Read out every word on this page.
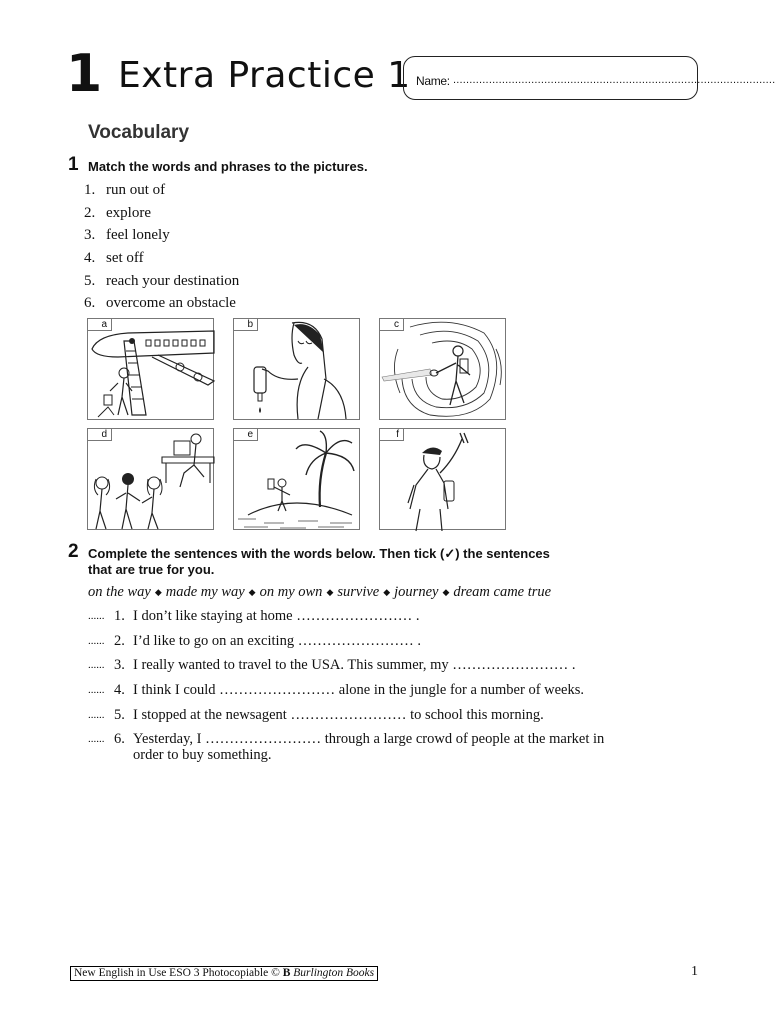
1 Extra Practice 1 Name: ...................................................................................................
Vocabulary
1 Match the words and phrases to the pictures.
1. run out of
2. explore
3. feel lonely
4. set off
5. reach your destination
6. overcome an obstacle
a	b	c
d	e	f
2 Complete the sentences with the words below. Then tick (✓) the sentences
that are true for you.
on the way ◆ made my way ◆ on my own ◆ survive ◆ journey ◆ dream came true
...... 1. I don’t like staying at home …………………… .
...... 2. I’d like to go on an exciting …………………… .
...... 3. I really wanted to travel to the USA. This summer, my …………………… .
...... 4. I think I could …………………… alone in the jungle for a number of weeks.
...... 5. I stopped at the newsagent …………………… to school this morning.
...... 6. Yesterday, I …………………… through a large crowd of people at the market in order to buy something.
New English in Use ESO 3 Photocopiable © B Burlington Books	1
